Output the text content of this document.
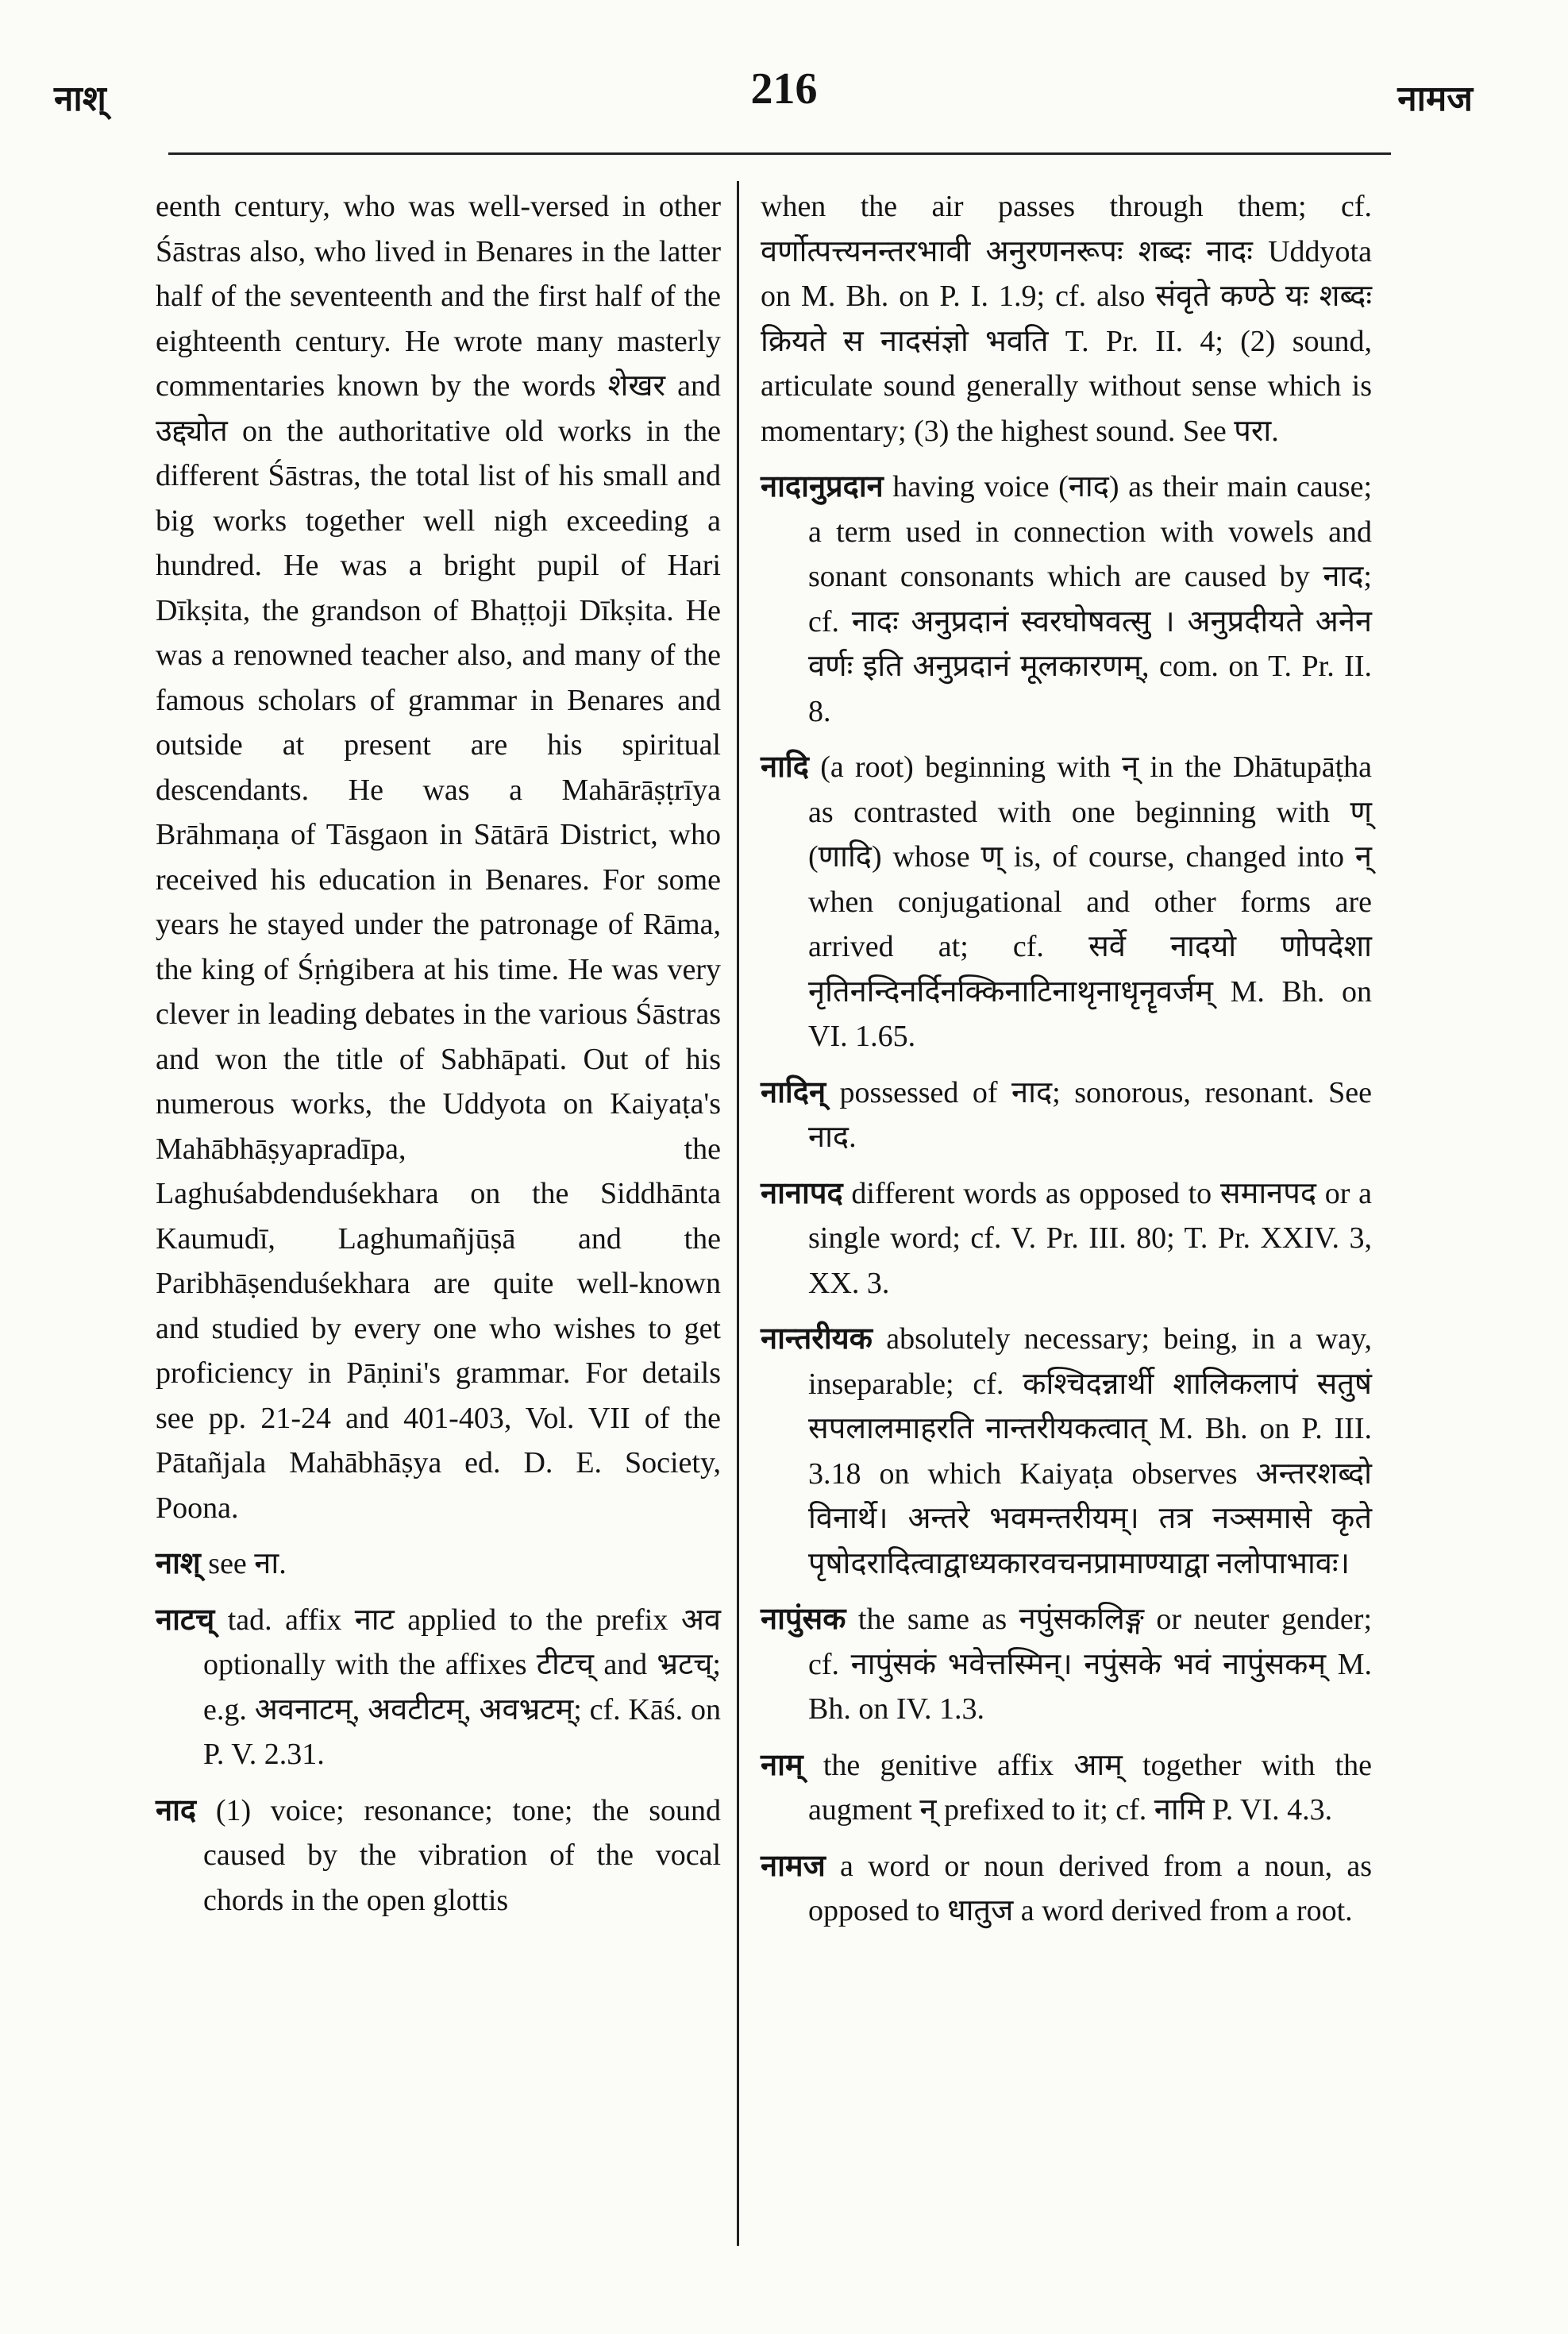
नाश्	216	नामज

eenth century, who was well-versed in other Śāstras also, who lived in Benares in the latter half of the seventeenth and the first half of the eighteenth century. He wrote many masterly commentaries known by the words शेखर and उद्द्योत on the authoritative old works in the different Śāstras, the total list of his small and big works together well nigh exceeding a hundred. He was a bright pupil of Hari Dīkṣita, the grandson of Bhaṭṭoji Dīkṣita. He was a renowned teacher also, and many of the famous scholars of grammar in Benares and outside at present are his spiritual descendants. He was a Mahārāṣṭrīya Brāhmaṇa of Tāsgaon in Sātārā District, who received his education in Benares. For some years he stayed under the patronage of Rāma, the king of Śṛṅgibera at his time. He was very clever in leading debates in the various Śāstras and won the title of Sabhāpati. Out of his numerous works, the Uddyota on Kaiyaṭa's Mahābhāṣyapradīpa, the Laghuśabdenduśekhara on the Siddhānta Kaumudī, Laghumañjūṣā and the Paribhāṣenduśekhara are quite well-known and studied by every one who wishes to get proficiency in Pāṇini's grammar. For details see pp. 21-24 and 401-403, Vol. VII of the Pātañjala Mahābhāṣya ed. D. E. Society, Poona.

नाश् see ना.
नाटच् tad. affix नाट applied to the prefix अव optionally with the affixes टीटच् and भ्रटच्; e.g. अवनाटम्, अवटीटम्, अवभ्रटम्; cf. Kāś. on P. V. 2.31.
नाद (1) voice; resonance; tone; the sound caused by the vibration of the vocal chords in the open glottis

when the air passes through them; cf. वर्णोत्पत्त्यनन्तरभावी अनुरणनरूपः शब्दः नादः Uddyota on M. Bh. on P. I. 1.9; cf. also संवृते कण्ठे यः शब्दः क्रियते स नादसंज्ञो भवति T. Pr. II. 4; (2) sound, articulate sound generally without sense which is momentary; (3) the highest sound. See परा.

नादानुप्रदान having voice (नाद) as their main cause; a term used in connection with vowels and sonant consonants which are caused by नाद; cf. नादः अनुप्रदानं स्वरघोषवत्सु । अनुप्रदीयते अनेन वर्णः इति अनुप्रदानं मूलकारणम्, com. on T. Pr. II. 8.
नादि (a root) beginning with न् in the Dhātupāṭha as contrasted with one beginning with ण् (णादि) whose ण् is, of course, changed into न् when conjugational and other forms are arrived at; cf. सर्वे नादयो णोपदेशा नृतिनन्दिनर्दिनक्किनाटिनाथृनाधृनॄवर्जम् M. Bh. on VI. 1.65.
नादिन् possessed of नाद; sonorous, resonant. See नाद.
नानापद different words as opposed to समानपद or a single word; cf. V. Pr. III. 80; T. Pr. XXIV. 3, XX. 3.
नान्तरीयक absolutely necessary; being, in a way, inseparable; cf. कश्चिदन्नार्थी शालिकलापं सतुषं सपलालमाहरति नान्तरीयकत्वात् M. Bh. on P. III. 3.18 on which Kaiyaṭa observes अन्तरशब्दो विनार्थे। अन्तरे भवमन्तरीयम्। तत्र नञ्समासे कृते पृषोदरादित्वाद्वाध्यकारवचनप्रामाण्याद्वा नलोपाभावः।
नापुंसक the same as नपुंसकलिङ्ग or neuter gender; cf. नापुंसकं भवेत्तस्मिन्। नपुंसके भवं नापुंसकम् M. Bh. on IV. 1.3.
नाम् the genitive affix आम् together with the augment न् prefixed to it; cf. नामि P. VI. 4.3.
नामज a word or noun derived from a noun, as opposed to धातुज a word derived from a root.
